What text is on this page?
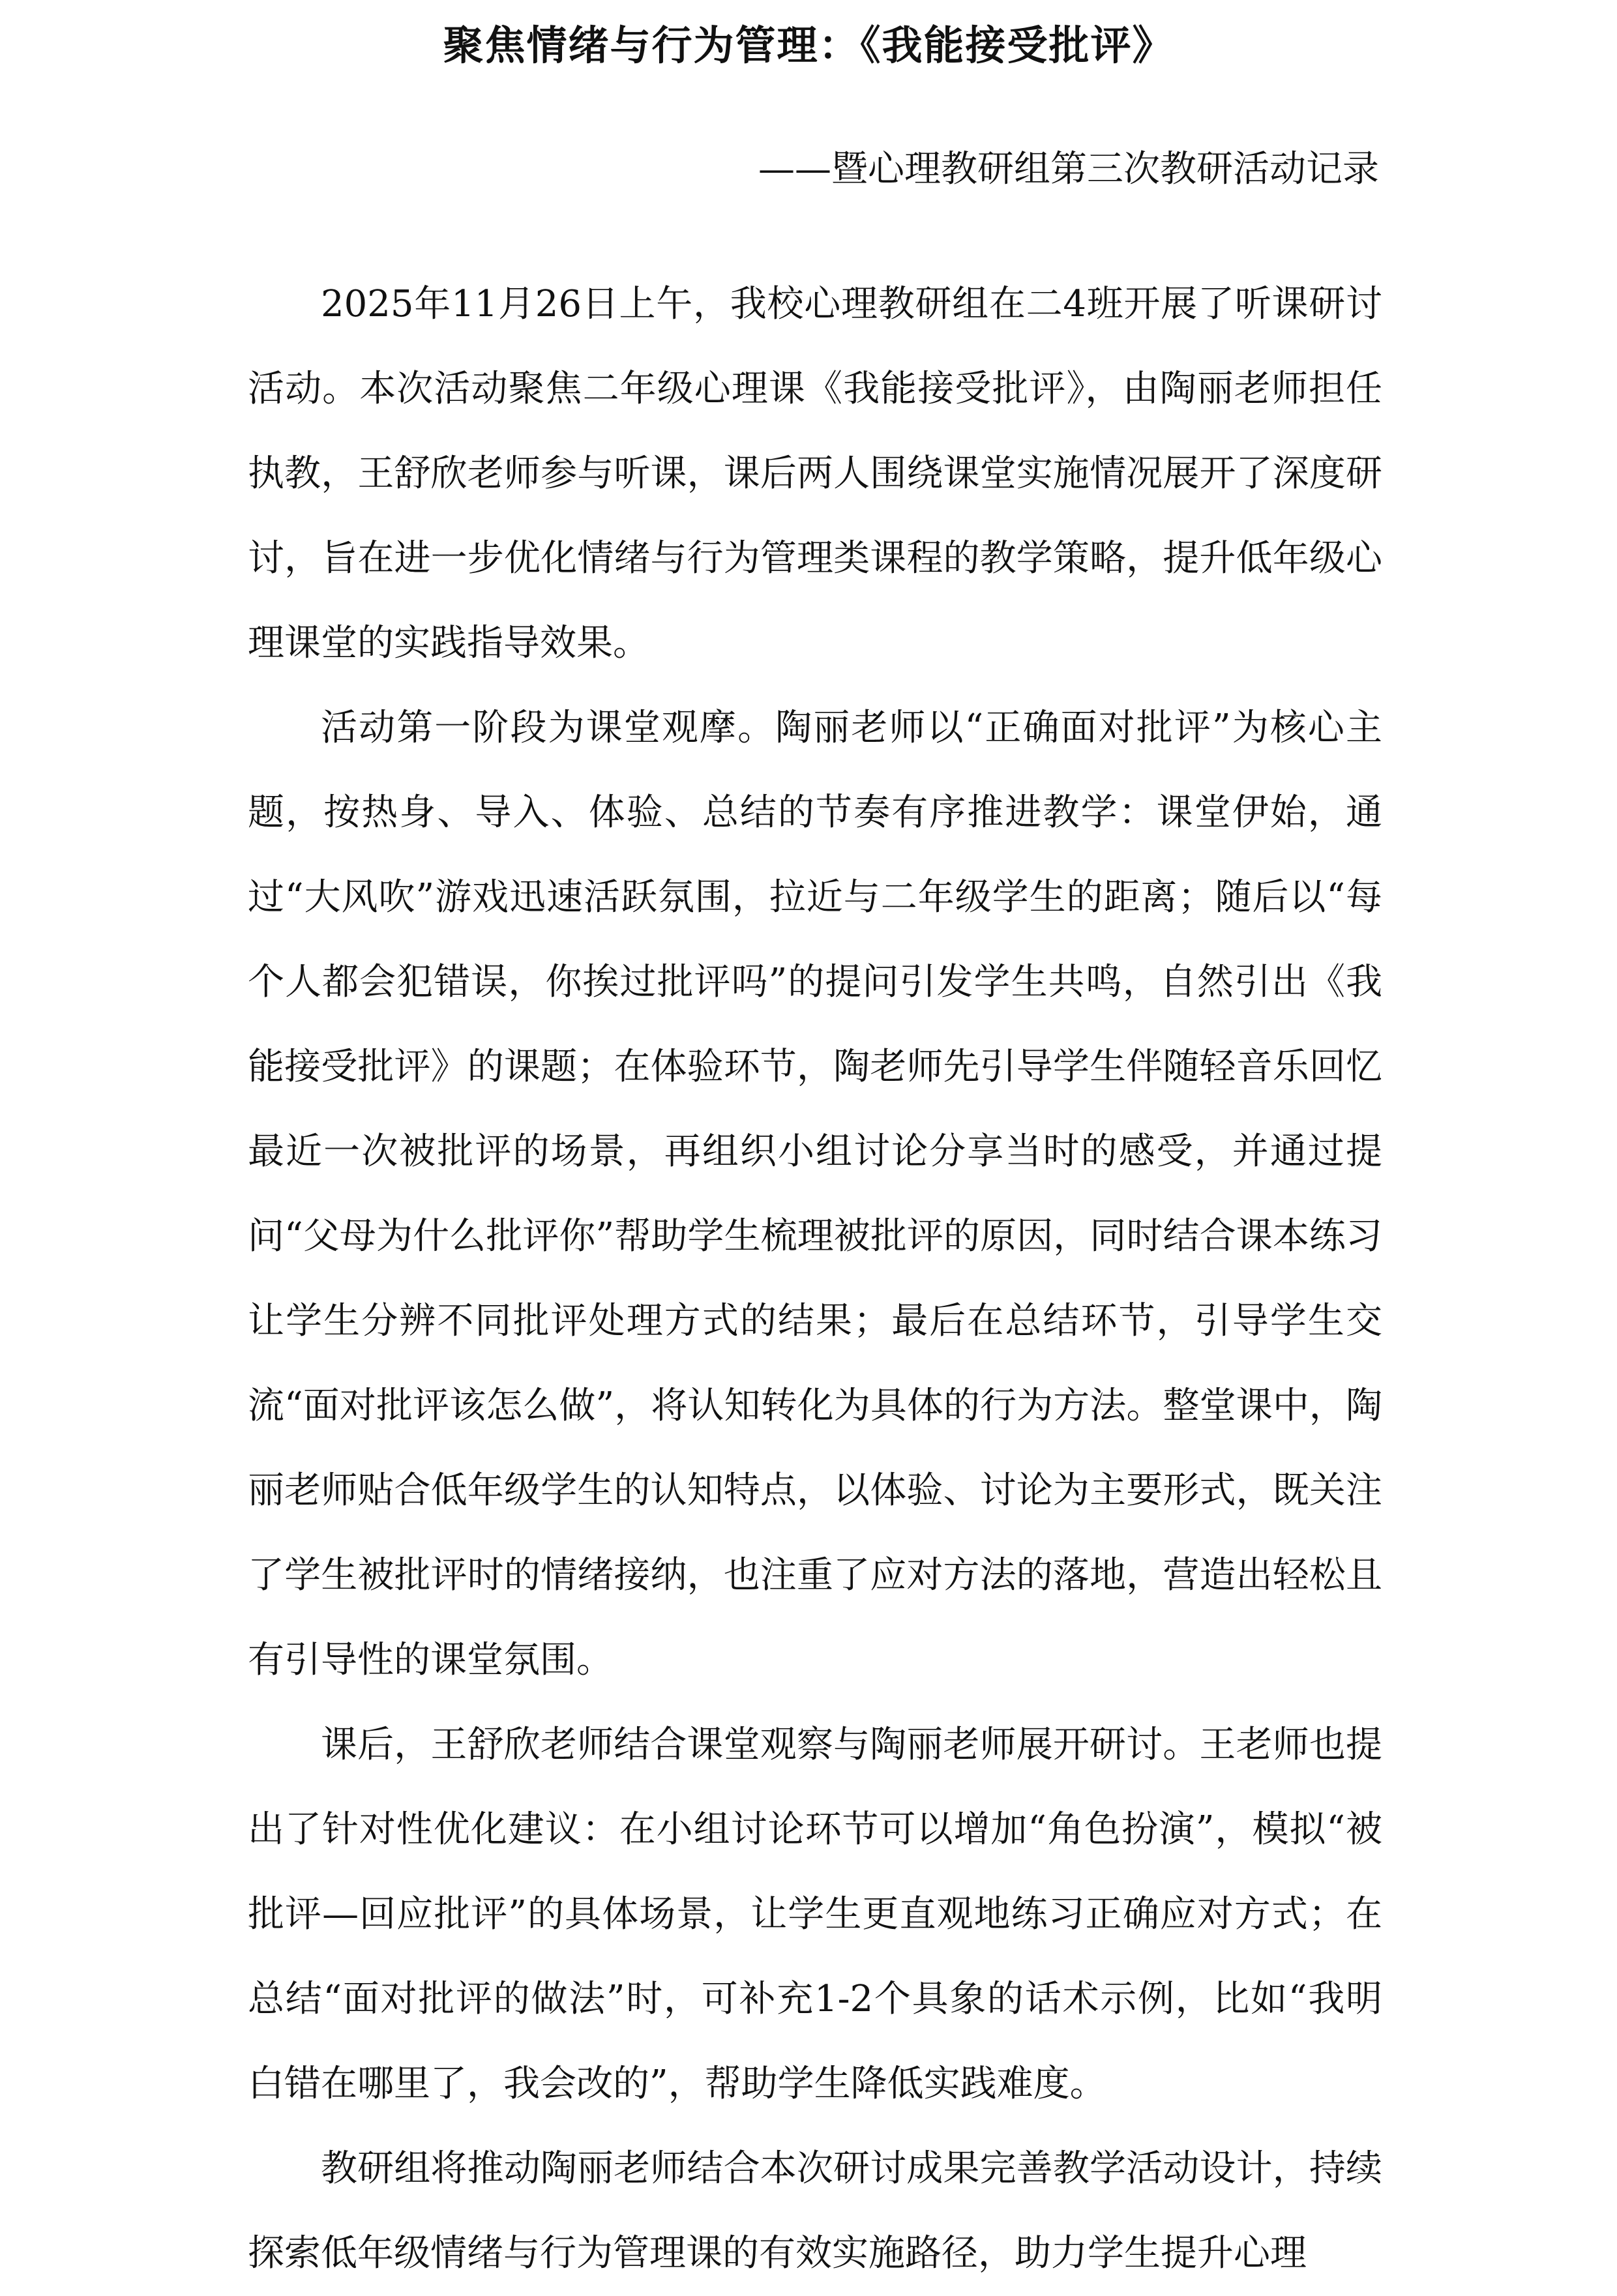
聚焦情绪与行为管理：《我能接受批评》
——暨心理教研组第三次教研活动记录

2025年11月26日上午，我校心理教研组在二4班开展了听课研讨活动。本次活动聚焦二年级心理课《我能接受批评》，由陶丽老师担任执教，王舒欣老师参与听课，课后两人围绕课堂实施情况展开了深度研讨，旨在进一步优化情绪与行为管理类课程的教学策略，提升低年级心理课堂的实践指导效果。

活动第一阶段为课堂观摩。陶丽老师以“正确面对批评”为核心主题，按热身、导入、体验、总结的节奏有序推进教学：课堂伊始，通过“大风吹”游戏迅速活跃氛围，拉近与二年级学生的距离；随后以“每个人都会犯错误，你挨过批评吗”的提问引发学生共鸣，自然引出《我能接受批评》的课题；在体验环节，陶老师先引导学生伴随轻音乐回忆最近一次被批评的场景，再组织小组讨论分享当时的感受，并通过提问“父母为什么批评你”帮助学生梳理被批评的原因，同时结合课本练习让学生分辨不同批评处理方式的结果；最后在总结环节，引导学生交流“面对批评该怎么做”，将认知转化为具体的行为方法。整堂课中，陶丽老师贴合低年级学生的认知特点，以体验、讨论为主要形式，既关注了学生被批评时的情绪接纳，也注重了应对方法的落地，营造出轻松且有引导性的课堂氛围。

课后，王舒欣老师结合课堂观察与陶丽老师展开研讨。王老师也提出了针对性优化建议：在小组讨论环节可以增加“角色扮演”，模拟“被批评—回应批评”的具体场景，让学生更直观地练习正确应对方式；在总结“面对批评的做法”时，可补充1-2个具象的话术示例，比如“我明白错在哪里了，我会改的”，帮助学生降低实践难度。

教研组将推动陶丽老师结合本次研讨成果完善教学活动设计，持续探索低年级情绪与行为管理课的有效实施路径，助力学生提升心理
